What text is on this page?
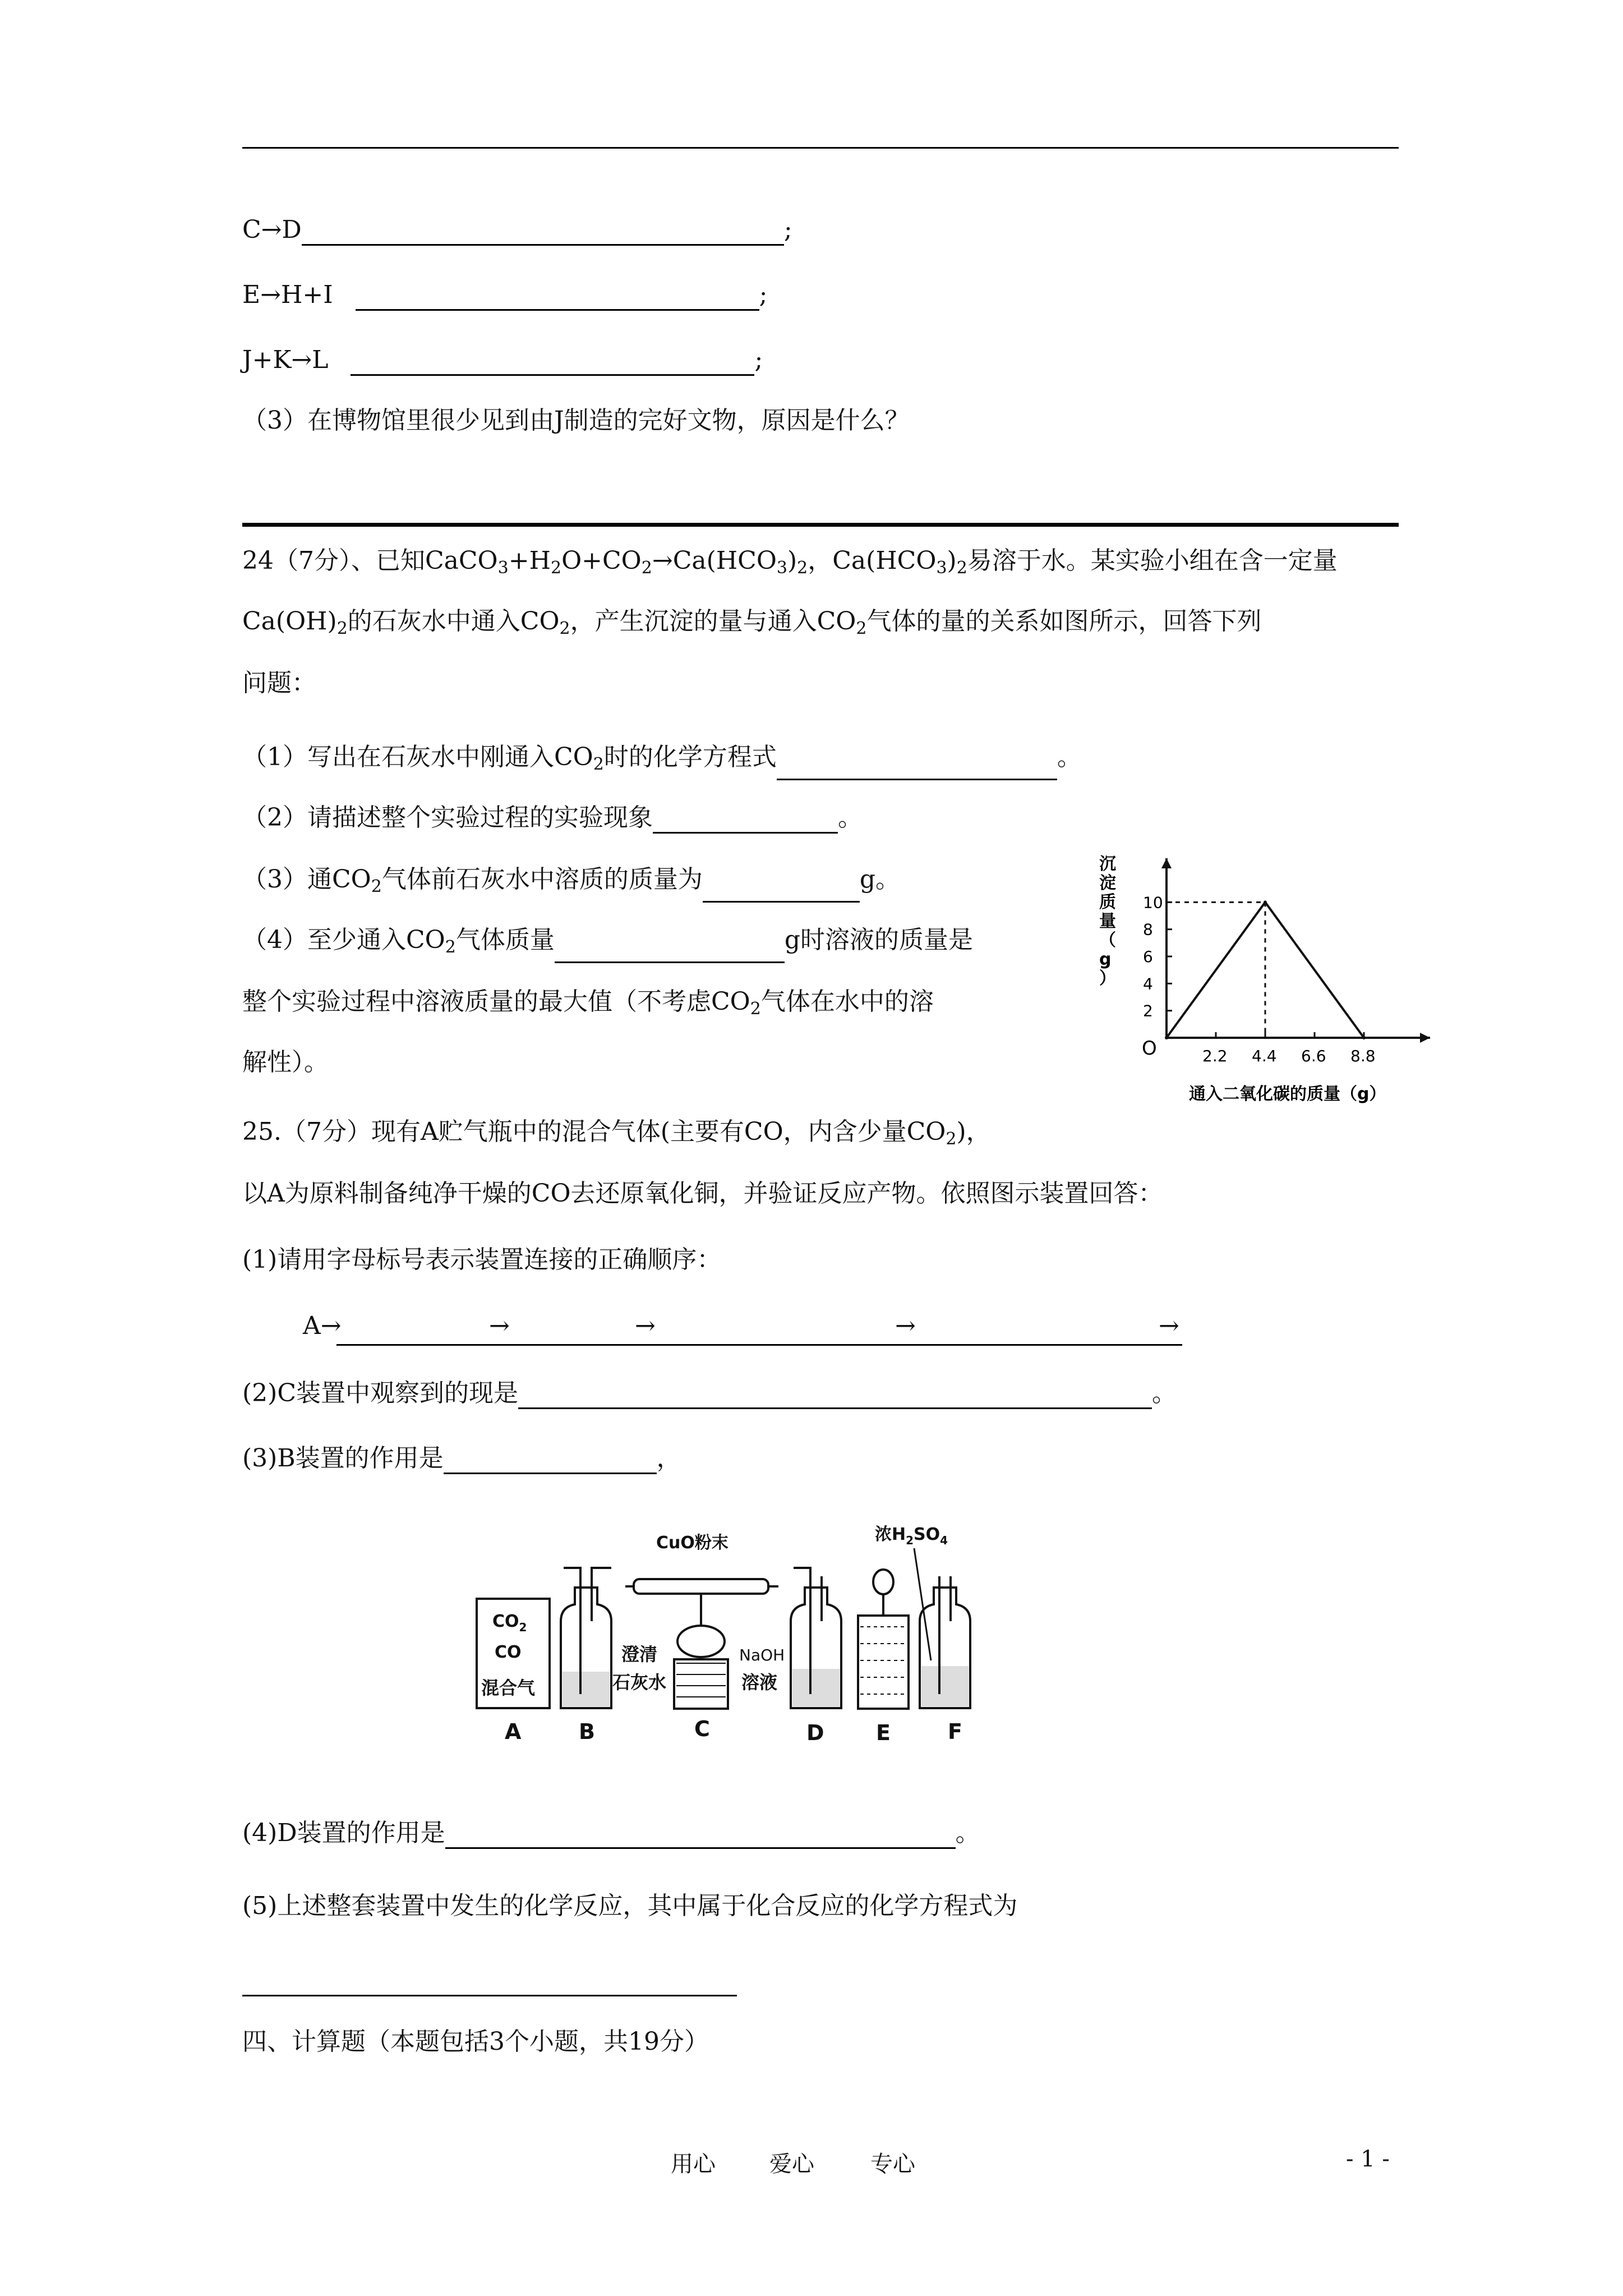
C→D	;
E→H+I	;
J+K→L	;
（3）在博物馆里很少见到由J制造的完好文物，原因是什么？
24（7分）、已知$CaCO_3+H_2O+CO_2\to Ca(HCO_3)_2$，$Ca(HCO_3)_2$易溶于水。某实验小组在含一定量
$Ca(OH)_2$的石灰水中通入$CO_2$，产生沉淀的量与通入$CO_2$气体的量的关系如图所示，回答下列
问题：
（1）写出在石灰水中刚通入$CO_2$时的化学方程式	。
（2）请描述整个实验过程的实验现象	。
（3）通$CO_2$气体前石灰水中溶质的质量为	g。
（4）至少通入$CO_2$气体质量	g时溶液的质量是
整个实验过程中溶液质量的最大值（不考虑$CO_2$气体在水中的溶
解性）。	O
2
4
6
8
10
2.2 4.4 6.6 8.8
沉淀质量（ g ）
通入二氧化碳的质量（g）
25.（7分）现有A贮气瓶中的混合气体(主要有CO，内含少量$CO_2$)，
以A为原料制备纯净干燥的CO去还原氧化铜，并验证反应产物。依照图示装置回答：
(1)请用字母标号表示装置连接的正确顺序：
A→	→	→	→	→
(2)C装置中观察到的现是	。
(3)B装置的作用是	，
$CO_2$
CO
混合气
CuO粉末	浓$H_2SO_4$
澄清
石灰水
NaOH
溶液
A	B	C	D E	F
(4)D装置的作用是	。
(5)上述整套装置中发生的化学反应，其中属于化合反应的化学方程式为
四、计算题（本题包括3个小题，共19分）
用心 爱心	专心	- 1 -
